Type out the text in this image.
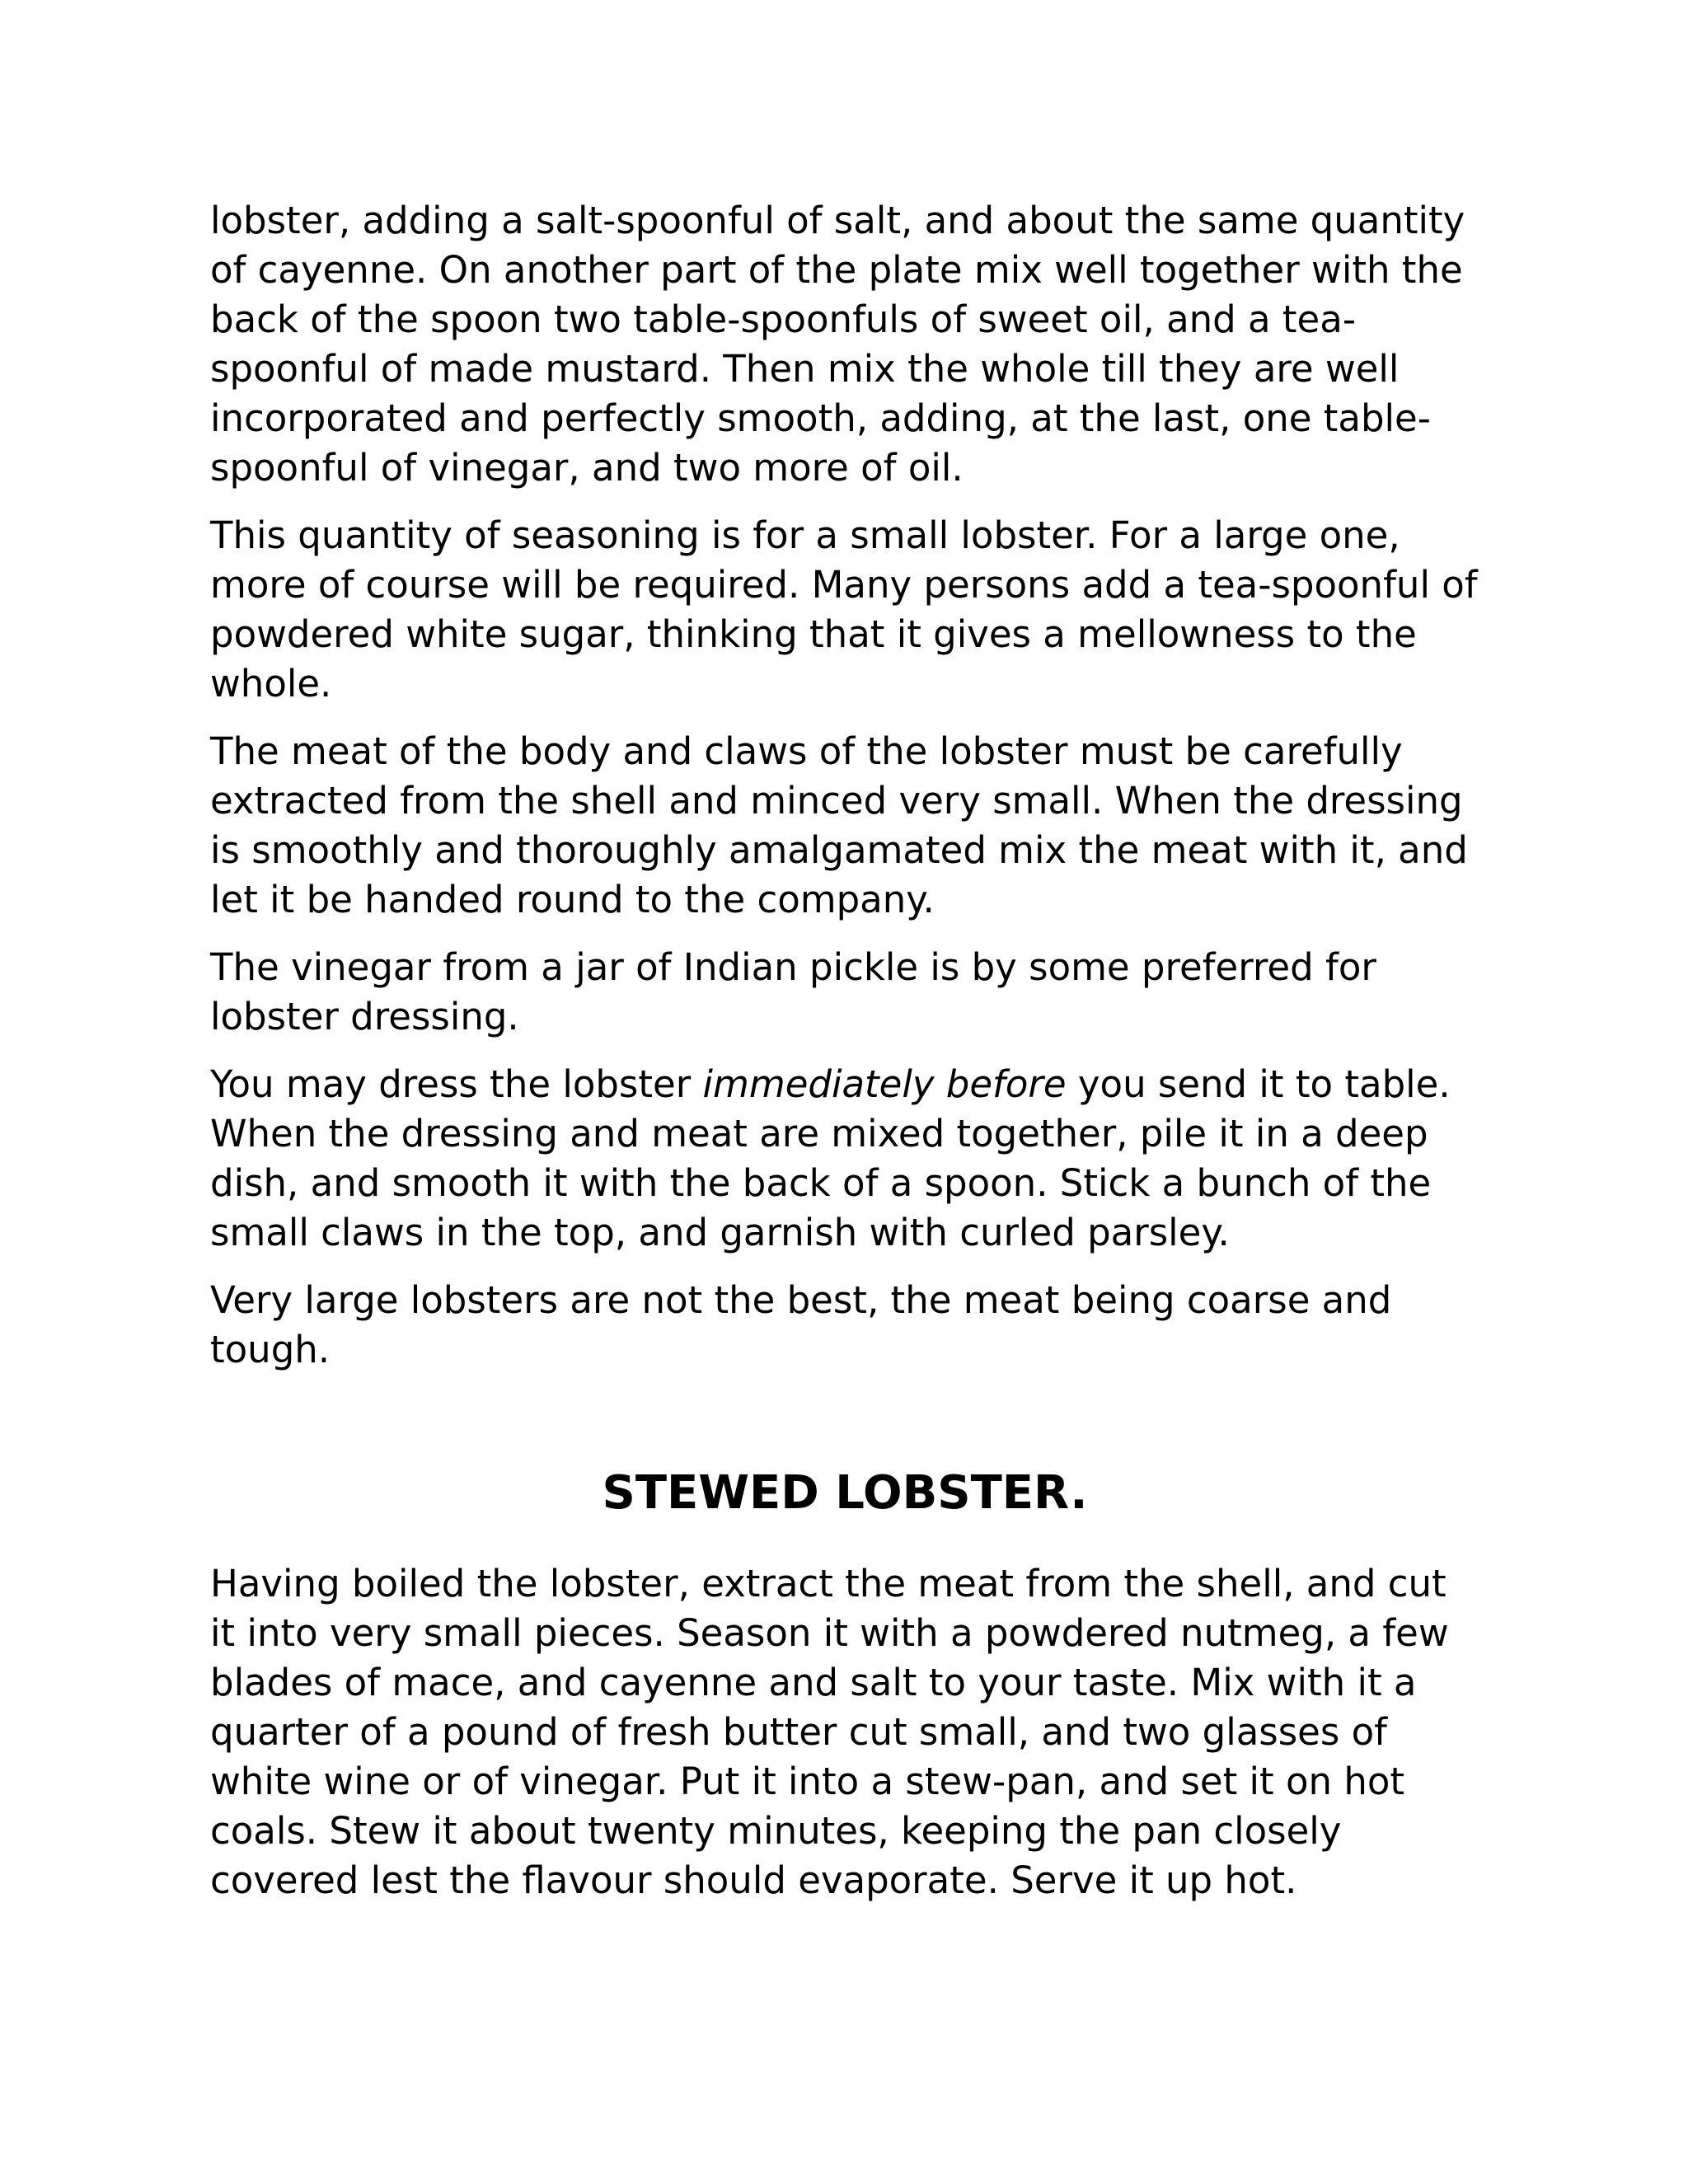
lobster, adding a salt-spoonful of salt, and about the same quantity of cayenne. On another part of the plate mix well together with the back of the spoon two table-spoonfuls of sweet oil, and a tea-spoonful of made mustard. Then mix the whole till they are well incorporated and perfectly smooth, adding, at the last, one table-spoonful of vinegar, and two more of oil.

This quantity of seasoning is for a small lobster. For a large one, more of course will be required. Many persons add a tea-spoonful of powdered white sugar, thinking that it gives a mellowness to the whole.

The meat of the body and claws of the lobster must be carefully extracted from the shell and minced very small. When the dressing is smoothly and thoroughly amalgamated mix the meat with it, and let it be handed round to the company.

The vinegar from a jar of Indian pickle is by some preferred for lobster dressing.

You may dress the lobster immediately before you send it to table. When the dressing and meat are mixed together, pile it in a deep dish, and smooth it with the back of a spoon. Stick a bunch of the small claws in the top, and garnish with curled parsley.

Very large lobsters are not the best, the meat being coarse and tough.

STEWED LOBSTER.

Having boiled the lobster, extract the meat from the shell, and cut it into very small pieces. Season it with a powdered nutmeg, a few blades of mace, and cayenne and salt to your taste. Mix with it a quarter of a pound of fresh butter cut small, and two glasses of white wine or of vinegar. Put it into a stew-pan, and set it on hot coals. Stew it about twenty minutes, keeping the pan closely covered lest the flavour should evaporate. Serve it up hot.
